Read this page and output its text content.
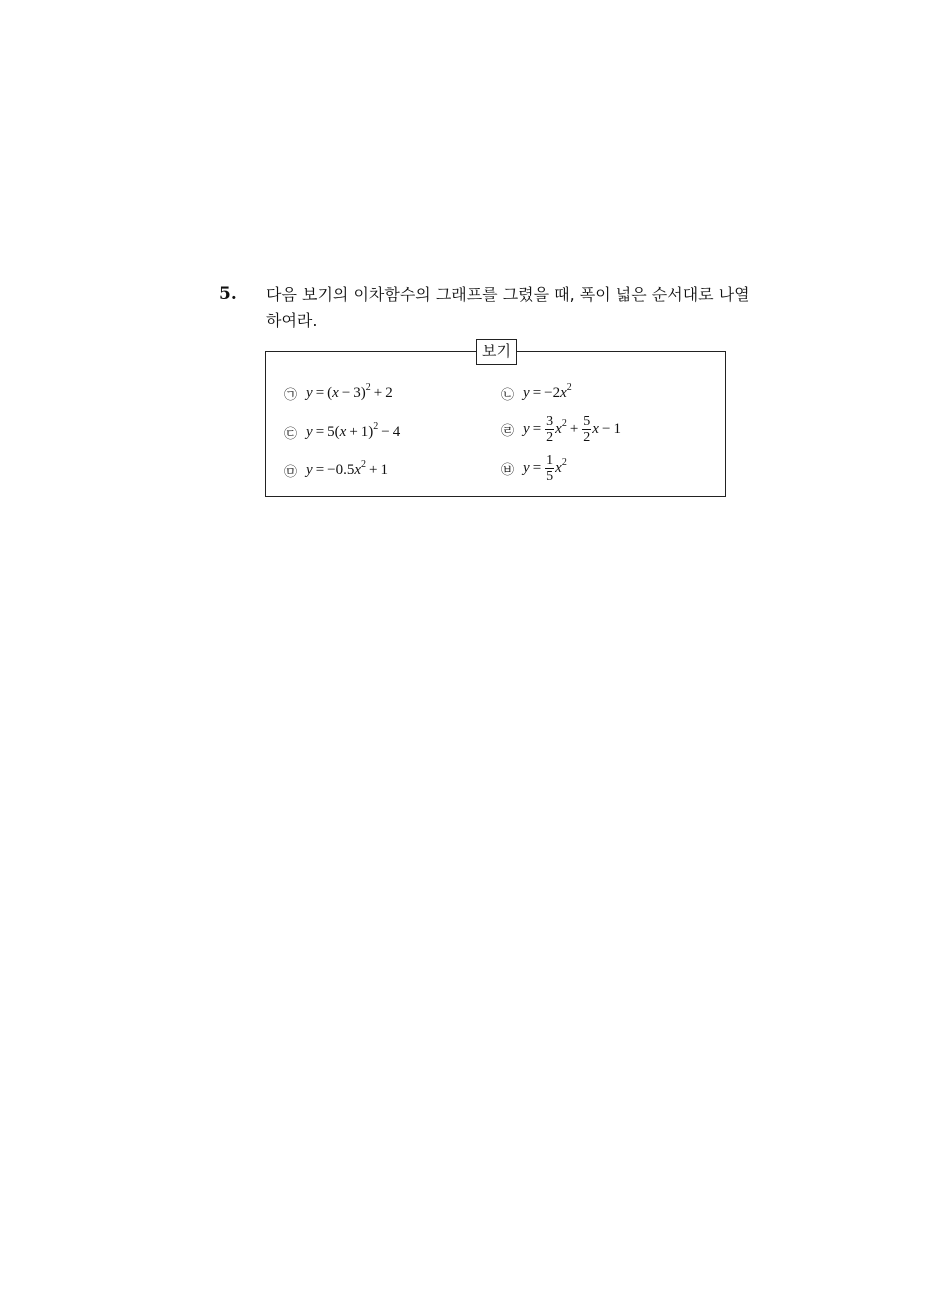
5. 다음 보기의 이차함수의 그래프를 그렸을 때, 폭이 넓은 순서대로 나열하여라.
보기
㉠ $y = (x - 3)^2 + 2$	㉡ $y = -2x^2$
㉢ $y = 5(x + 1)^2 - 4$	㉣ $y = \frac{3}{2} x^2 + \frac{5}{2}$ x − 1
㉤ $y = -0.5x^2 + 1$	㉥ $y = \frac{1}{5} x^2$
